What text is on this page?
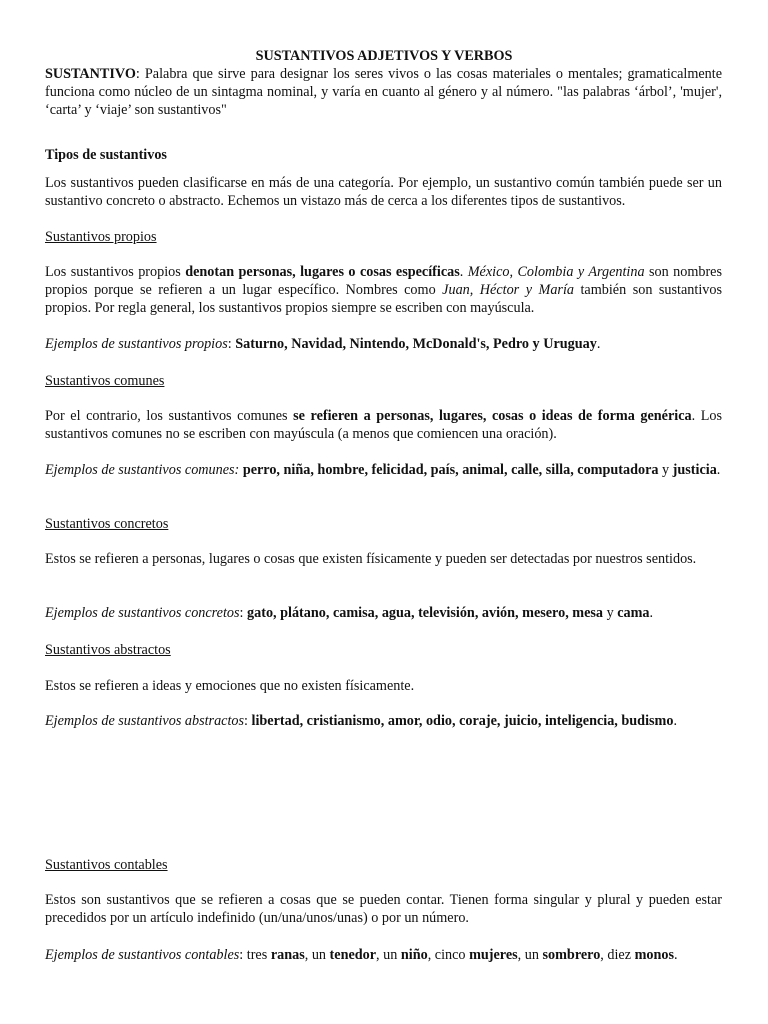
SUSTANTIVOS ADJETIVOS Y VERBOS

SUSTANTIVO: Palabra que sirve para designar los seres vivos o las cosas materiales o mentales; gramaticalmente funciona como núcleo de un sintagma nominal, y varía en cuanto al género y al número. "las palabras ‘árbol’, 'mujer', ‘carta’ y ‘viaje’ son sustantivos"

Tipos de sustantivos

Los sustantivos pueden clasificarse en más de una categoría. Por ejemplo, un sustantivo común también puede ser un sustantivo concreto o abstracto. Echemos un vistazo más de cerca a los diferentes tipos de sustantivos.

Sustantivos propios

Los sustantivos propios denotan personas, lugares o cosas específicas. México, Colombia y Argentina son nombres propios porque se refieren a un lugar específico. Nombres como Juan, Héctor y María también son sustantivos propios. Por regla general, los sustantivos propios siempre se escriben con mayúscula.

Ejemplos de sustantivos propios: Saturno, Navidad, Nintendo, McDonald's, Pedro y Uruguay.

Sustantivos comunes

Por el contrario, los sustantivos comunes se refieren a personas, lugares, cosas o ideas de forma genérica. Los sustantivos comunes no se escriben con mayúscula (a menos que comiencen una oración).

Ejemplos de sustantivos comunes: perro, niña, hombre, felicidad, país, animal, calle, silla, computadora y justicia.

Sustantivos concretos

Estos se refieren a personas, lugares o cosas que existen físicamente y pueden ser detectadas por nuestros sentidos.

Ejemplos de sustantivos concretos: gato, plátano, camisa, agua, televisión, avión, mesero, mesa y cama.

Sustantivos abstractos

Estos se refieren a ideas y emociones que no existen físicamente.

Ejemplos de sustantivos abstractos: libertad, cristianismo, amor, odio, coraje, juicio, inteligencia, budismo.

Sustantivos contables

Estos son sustantivos que se refieren a cosas que se pueden contar. Tienen forma singular y plural y pueden estar precedidos por un artículo indefinido (un/una/unos/unas) o por un número.

Ejemplos de sustantivos contables: tres ranas, un tenedor, un niño, cinco mujeres, un sombrero, diez monos.
